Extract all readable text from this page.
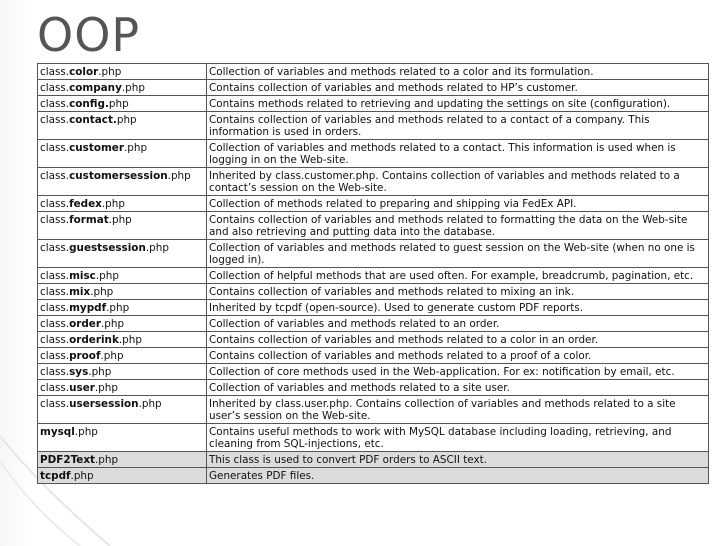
OOP
class.color.php	Collection of variables and methods related to a color and its formulation.
class.company.php	Contains collection of variables and methods related to HP’s customer.
class.config.php	Contains methods related to retrieving and updating the settings on site (configuration).
class.contact.php	Contains collection of variables and methods related to a contact of a company. This information is used in orders.
class.customer.php	Collection of variables and methods related to a contact. This information is used when is logging in on the Web-site.
class.customersession.php	Inherited by class.customer.php. Contains collection of variables and methods related to a contact’s session on the Web-site.
class.fedex.php	Collection of methods related to preparing and shipping via FedEx API.
class.format.php	Contains collection of variables and methods related to formatting the data on the Web-site and also retrieving and putting data into the database.
class.guestsession.php	Collection of variables and methods related to guest session on the Web-site (when no one is logged in).
class.misc.php	Collection of helpful methods that are used often. For example, breadcrumb, pagination, etc.
class.mix.php	Contains collection of variables and methods related to mixing an ink.
class.mypdf.php	Inherited by tcpdf (open-source). Used to generate custom PDF reports.
class.order.php	Collection of variables and methods related to an order.
class.orderink.php	Contains collection of variables and methods related to a color in an order.
class.proof.php	Contains collection of variables and methods related to a proof of a color.
class.sys.php	Collection of core methods used in the Web-application. For ex: notification by email, etc.
class.user.php	Collection of variables and methods related to a site user.
class.usersession.php	Inherited by class.user.php. Contains collection of variables and methods related to a site user’s session on the Web-site.
mysql.php	Contains useful methods to work with MySQL database including loading, retrieving, and cleaning from SQL-injections, etc.
PDF2Text.php	This class is used to convert PDF orders to ASCII text.
tcpdf.php	Generates PDF files.
